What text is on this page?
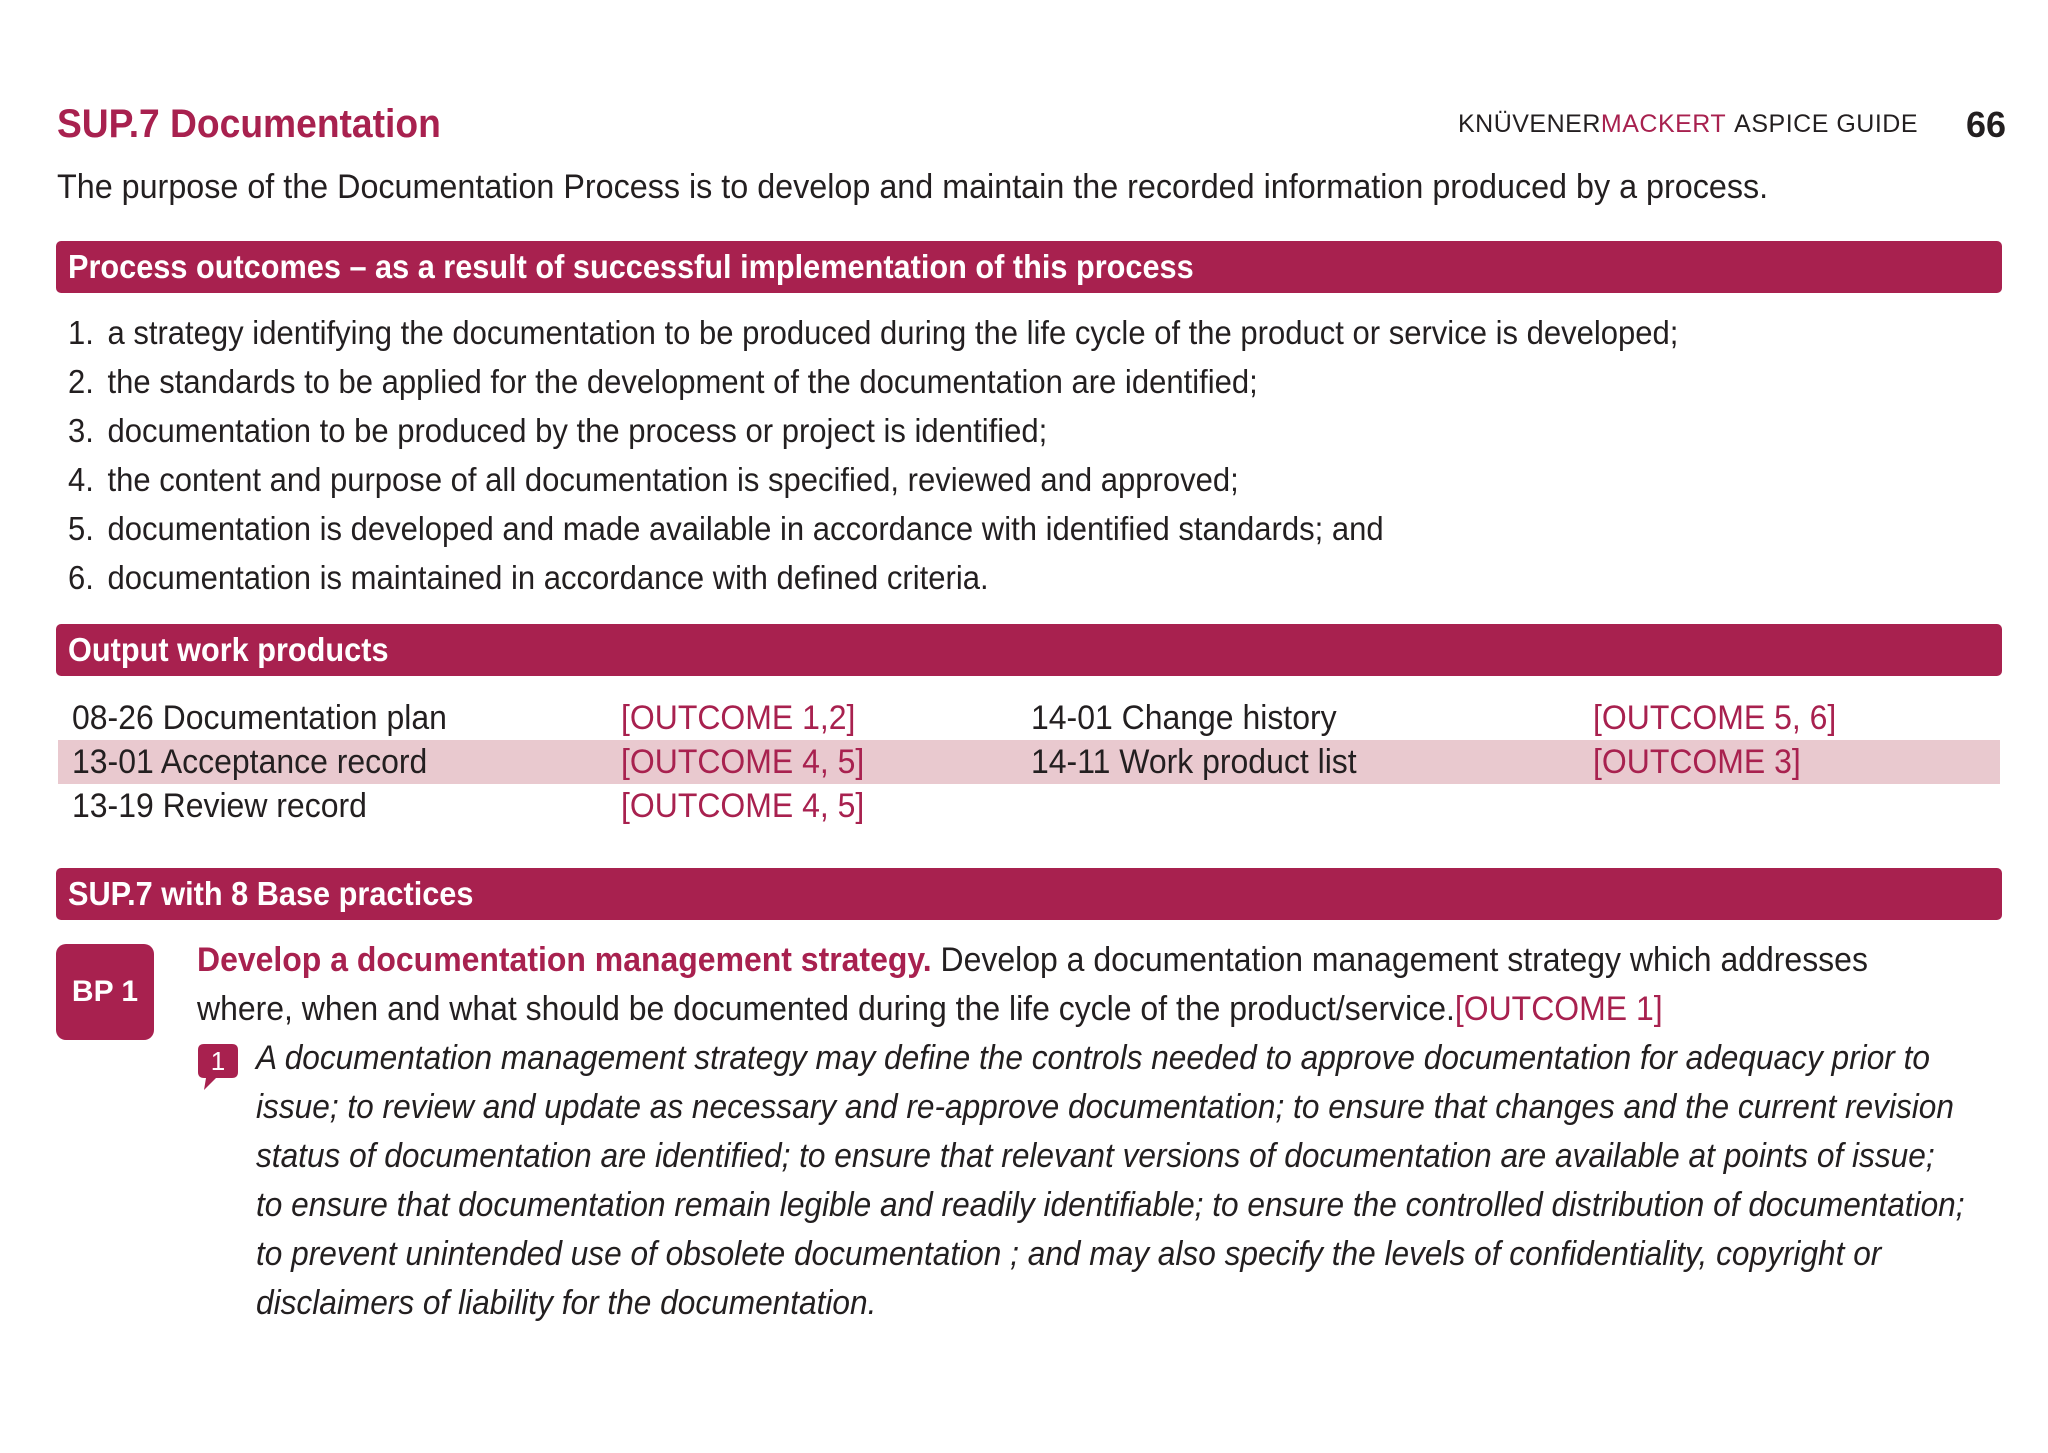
SUP.7 Documentation	KNÜVENERMACKERT ASPICE GUIDE 66
The purpose of the Documentation Process is to develop and maintain the recorded information produced by a process.
Process outcomes – as a result of successful implementation of this process
1. a strategy identifying the documentation to be produced during the life cycle of the product or service is developed;
2. the standards to be applied for the development of the documentation are identified;
3. documentation to be produced by the process or project is identified;
4. the content and purpose of all documentation is specified, reviewed and approved;
5. documentation is developed and made available in accordance with identified standards; and
6. documentation is maintained in accordance with defined criteria.
Output work products
08-26 Documentation plan	[OUTCOME 1,2]	14-01 Change history	[OUTCOME 5, 6]
13-01 Acceptance record	[OUTCOME 4, 5]	14-11 Work product list	[OUTCOME 3]
13-19 Review record	[OUTCOME 4, 5]
SUP.7 with 8 Base practices
BP 1
Develop a documentation management strategy. Develop a documentation management strategy which addresses
where, when and what should be documented during the life cycle of the product/service.[OUTCOME 1]
1 A documentation management strategy may define the controls needed to approve documentation for adequacy prior to
issue; to review and update as necessary and re-approve documentation; to ensure that changes and the current revision
status of documentation are identified; to ensure that relevant versions of documentation are available at points of issue;
to ensure that documentation remain legible and readily identifiable; to ensure the controlled distribution of documentation;
to prevent unintended use of obsolete documentation ; and may also specify the levels of confidentiality, copyright or
disclaimers of liability for the documentation.
